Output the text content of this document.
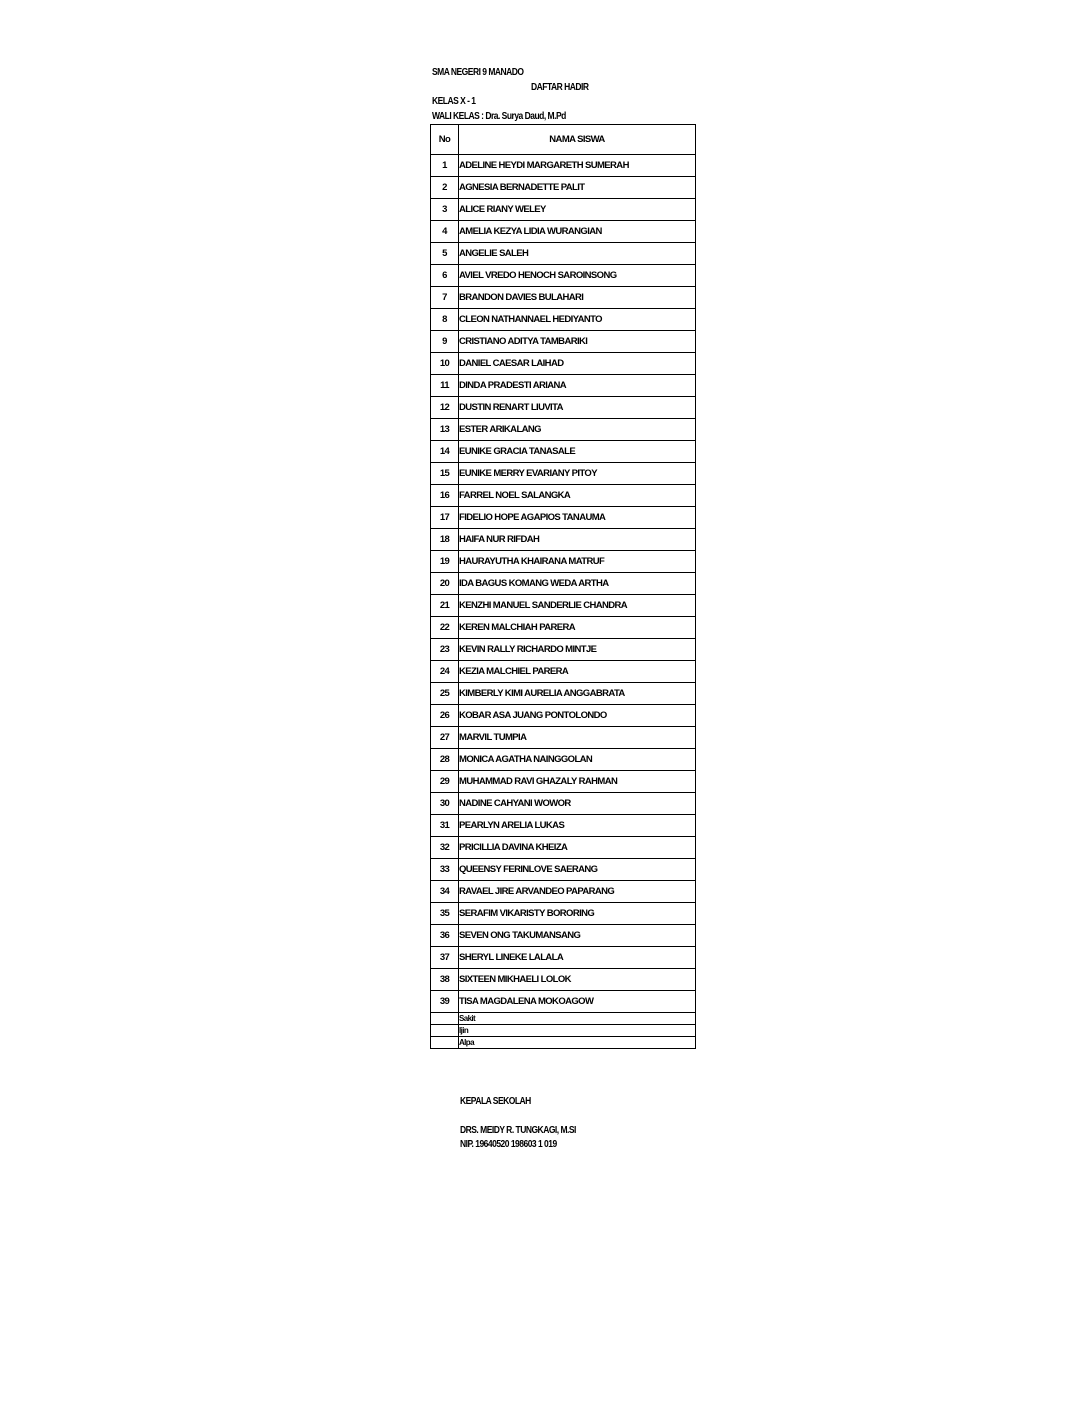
SMA NEGERI 9 MANADO
DAFTAR HADIR
KELAS X - 1
WALI KELAS : Dra. Surya Daud, M.Pd
No	NAMA SISWA
1	ADELINE HEYDI MARGARETH SUMERAH
2	AGNESIA BERNADETTE PALIT
3	ALICE RIANY WELEY
4	AMELIA KEZYA LIDIA WURANGIAN
5	ANGELIE SALEH
6	AVIEL VREDO HENOCH SAROINSONG
7	BRANDON DAVIES BULAHARI
8	CLEON NATHANNAEL HEDIYANTO
9	CRISTIANO ADITYA TAMBARIKI
10	DANIEL CAESAR LAIHAD
11	DINDA PRADESTI ARIANA
12	DUSTIN RENART LIUVITA
13	ESTER ARIKALANG
14	EUNIKE GRACIA TANASALE
15	EUNIKE MERRY EVARIANY PITOY
16	FARREL NOEL SALANGKA
17	FIDELIO HOPE AGAPIOS TANAUMA
18	HAIFA NUR RIFDAH
19	HAURAYUTHA KHAIRANA MATRUF
20	IDA BAGUS KOMANG WEDA ARTHA
21	KENZHI MANUEL SANDERLIE CHANDRA
22	KEREN MALCHIAH PARERA
23	KEVIN RALLY RICHARDO MINTJE
24	KEZIA MALCHIEL PARERA
25	KIMBERLY KIMI AURELIA ANGGABRATA
26	KOBAR ASA JUANG PONTOLONDO
27	MARVIL TUMPIA
28	MONICA AGATHA NAINGGOLAN
29	MUHAMMAD RAVI GHAZALY RAHMAN
30	NADINE CAHYANI WOWOR
31	PEARLYN ARELIA LUKAS
32	PRICILLIA DAVINA KHEIZA
33	QUEENSY FERINLOVE SAERANG
34	RAVAEL JIRE ARVANDEO PAPARANG
35	SERAFIM VIKARISTY BORORING
36	SEVEN ONG TAKUMANSANG
37	SHERYL LINEKE LALALA
38	SIXTEEN MIKHAELI LOLOK
39	TISA MAGDALENA MOKOAGOW
	Sakit
	Ijin
	Alpa
KEPALA SEKOLAH
DRS. MEIDY R. TUNGKAGI, M.SI
NIP. 19640520 198603 1 019
